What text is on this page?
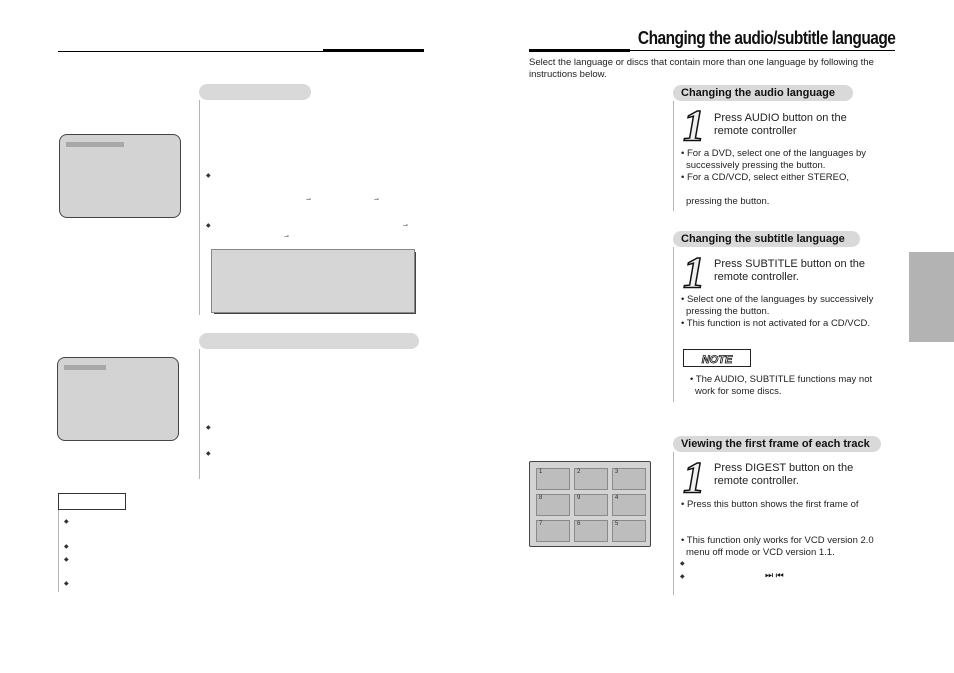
◆
⇀	⇀
◆	⇀
⇀
◆
◆
◆
◆
◆
◆
Changing the audio/subtitle language
Select the language or discs that contain more than one language by following the
instructions below.
Changing the audio language
1 Press AUDIO button on the
remote controller
• For a DVD, select one of the languages by
successively pressing the button.
• For a CD/VCD, select either STEREO,
pressing the button.
Changing the subtitle language
1 Press SUBTITLE button on the
remote controller.
• Select one of the languages by successively
pressing the button.
• This function is not activated for a CD/VCD.
NOTE
• The AUDIO, SUBTITLE functions may not
work for some discs.
Viewing the first frame of each track
1 Press DIGEST button on the
remote controller.
• Press this button shows the first frame of
• This function only works for VCD version 2.0
menu off mode or VCD version 1.1.
◆
◆	⏭ ⏮
1	2	3
8	9	4
7	6	5
